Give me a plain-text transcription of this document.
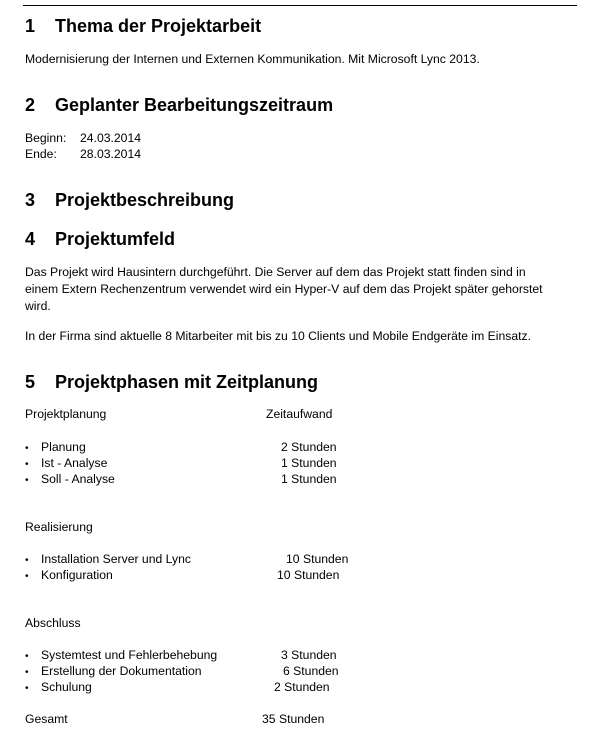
1 Thema der Projektarbeit
Modernisierung der Internen und Externen Kommunikation. Mit Microsoft Lync 2013.
2 Geplanter Bearbeitungszeitraum
Beginn: 24.03.2014
Ende: 28.03.2014
3 Projektbeschreibung
4 Projektumfeld
Das Projekt wird Hausintern durchgeführt. Die Server auf dem das Projekt statt finden sind in
einem Extern Rechenzentrum verwendet wird ein Hyper-V auf dem das Projekt später gehorstet
wird.
In der Firma sind aktuelle 8 Mitarbeiter mit bis zu 10 Clients und Mobile Endgeräte im Einsatz.
5 Projektphasen mit Zeitplanung
Projektplanung	Zeitaufwand
• Planung	2 Stunden
• Ist - Analyse	1 Stunden
• Soll - Analyse	1 Stunden
Realisierung
• Installation Server und Lync	10 Stunden
• Konfiguration	10 Stunden
Abschluss
• Systemtest und Fehlerbehebung	3 Stunden
• Erstellung der Dokumentation	6 Stunden
• Schulung	2 Stunden
Gesamt	35 Stunden
